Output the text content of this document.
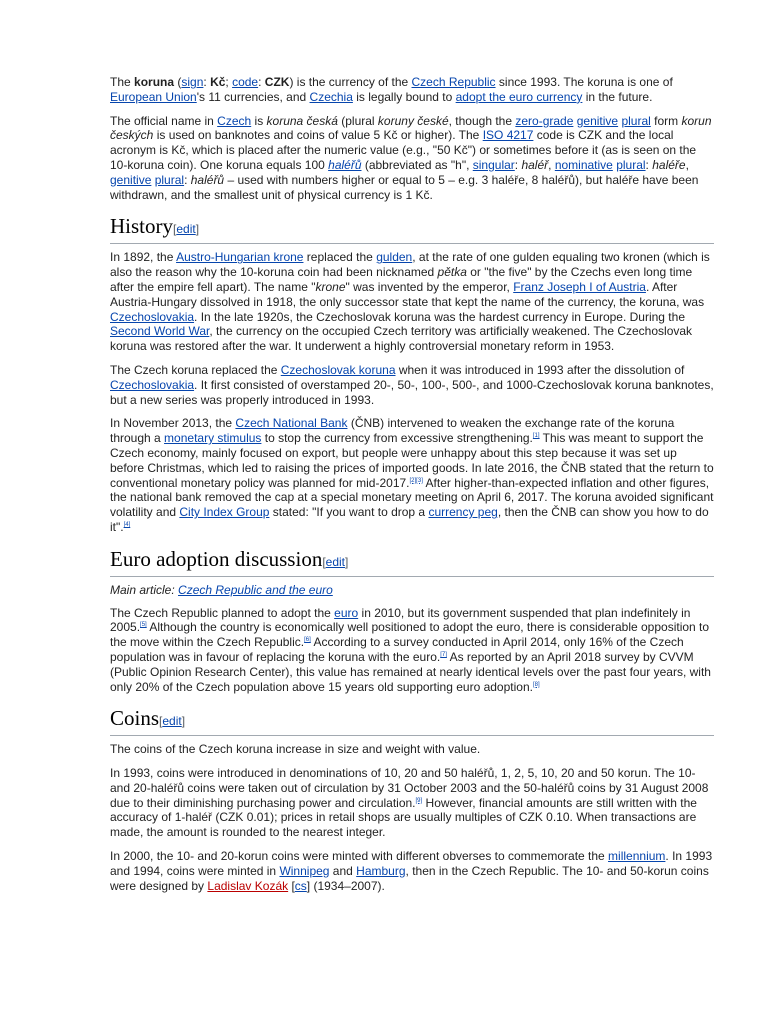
The koruna (sign: Kč; code: CZK) is the currency of the Czech Republic since 1993. The koruna is one of European Union's 11 currencies, and Czechia is legally bound to adopt the euro currency in the future.

The official name in Czech is koruna česká (plural koruny české, though the zero-grade genitive plural form korun českých is used on banknotes and coins of value 5 Kč or higher). The ISO 4217 code is CZK and the local acronym is Kč, which is placed after the numeric value (e.g., "50 Kč") or sometimes before it (as is seen on the 10-koruna coin). One koruna equals 100 haléřů (abbreviated as "h", singular: haléř, nominative plural: haléře, genitive plural: haléřů – used with numbers higher or equal to 5 – e.g. 3 haléře, 8 haléřů), but haléře have been withdrawn, and the smallest unit of physical currency is 1 Kč.

History[edit]

In 1892, the Austro-Hungarian krone replaced the gulden, at the rate of one gulden equaling two kronen (which is also the reason why the 10-koruna coin had been nicknamed pětka or "the five" by the Czechs even long time after the empire fell apart). The name "krone" was invented by the emperor, Franz Joseph I of Austria. After Austria-Hungary dissolved in 1918, the only successor state that kept the name of the currency, the koruna, was Czechoslovakia. In the late 1920s, the Czechoslovak koruna was the hardest currency in Europe. During the Second World War, the currency on the occupied Czech territory was artificially weakened. The Czechoslovak koruna was restored after the war. It underwent a highly controversial monetary reform in 1953.

The Czech koruna replaced the Czechoslovak koruna when it was introduced in 1993 after the dissolution of Czechoslovakia. It first consisted of overstamped 20-, 50-, 100-, 500-, and 1000-Czechoslovak koruna banknotes, but a new series was properly introduced in 1993.

In November 2013, the Czech National Bank (ČNB) intervened to weaken the exchange rate of the koruna through a monetary stimulus to stop the currency from excessive strengthening.[1] This was meant to support the Czech economy, mainly focused on export, but people were unhappy about this step because it was set up before Christmas, which led to raising the prices of imported goods. In late 2016, the ČNB stated that the return to conventional monetary policy was planned for mid-2017.[2][3] After higher-than-expected inflation and other figures, the national bank removed the cap at a special monetary meeting on April 6, 2017. The koruna avoided significant volatility and City Index Group stated: "If you want to drop a currency peg, then the ČNB can show you how to do it".[4]

Euro adoption discussion[edit]

Main article: Czech Republic and the euro

The Czech Republic planned to adopt the euro in 2010, but its government suspended that plan indefinitely in 2005.[5] Although the country is economically well positioned to adopt the euro, there is considerable opposition to the move within the Czech Republic.[6] According to a survey conducted in April 2014, only 16% of the Czech population was in favour of replacing the koruna with the euro.[7] As reported by an April 2018 survey by CVVM (Public Opinion Research Center), this value has remained at nearly identical levels over the past four years, with only 20% of the Czech population above 15 years old supporting euro adoption.[8]

Coins[edit]

The coins of the Czech koruna increase in size and weight with value.

In 1993, coins were introduced in denominations of 10, 20 and 50 haléřů, 1, 2, 5, 10, 20 and 50 korun. The 10- and 20-haléřů coins were taken out of circulation by 31 October 2003 and the 50-haléřů coins by 31 August 2008 due to their diminishing purchasing power and circulation.[9] However, financial amounts are still written with the accuracy of 1-haléř (CZK 0.01); prices in retail shops are usually multiples of CZK 0.10. When transactions are made, the amount is rounded to the nearest integer.

In 2000, the 10- and 20-korun coins were minted with different obverses to commemorate the millennium. In 1993 and 1994, coins were minted in Winnipeg and Hamburg, then in the Czech Republic. The 10- and 50-korun coins were designed by Ladislav Kozák [cs] (1934–2007).
